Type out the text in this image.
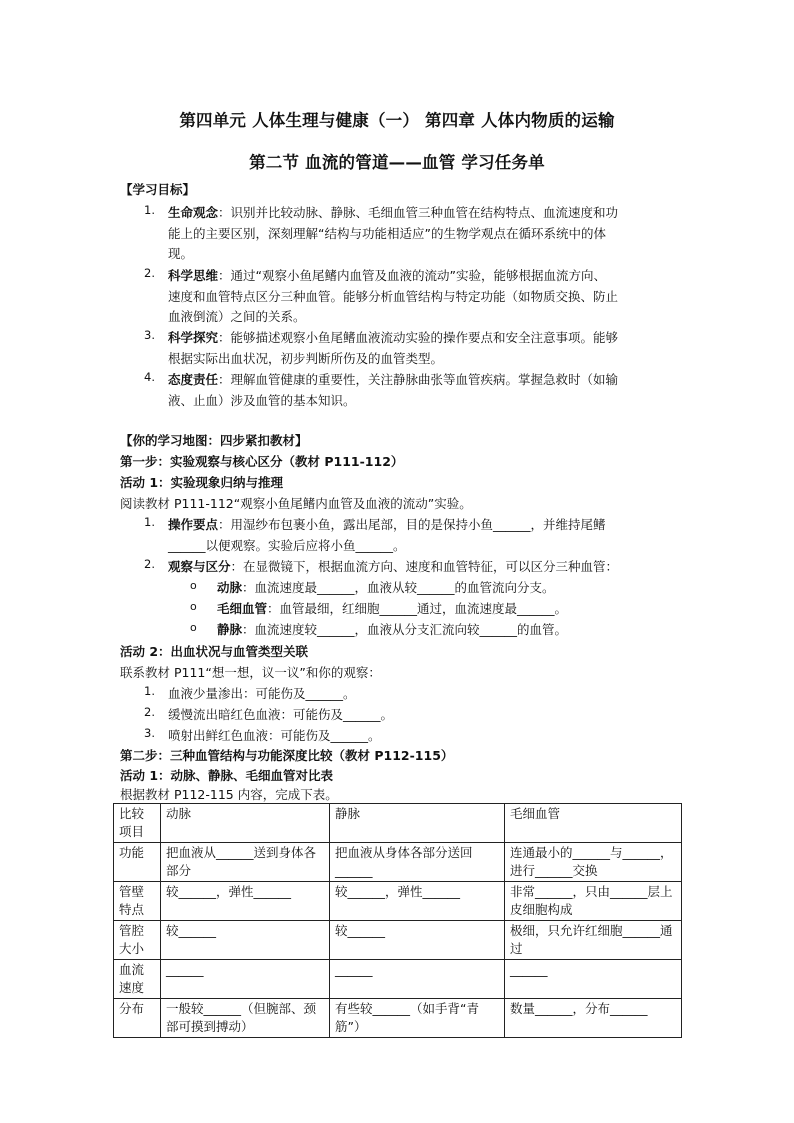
第四单元 人体生理与健康（一） 第四章 人体内物质的运输
第二节 血流的管道——血管 学习任务单
【学习目标】
1. 生命观念：识别并比较动脉、静脉、毛细血管三种血管在结构特点、血流速度和功
能上的主要区别，深刻理解“结构与功能相适应”的生物学观点在循环系统中的体
现。
2. 科学思维：通过“观察小鱼尾鳍内血管及血液的流动”实验，能够根据血流方向、
速度和血管特点区分三种血管。能够分析血管结构与特定功能（如物质交换、防止
血液倒流）之间的关系。
3. 科学探究：能够描述观察小鱼尾鳍血液流动实验的操作要点和安全注意事项。能够
根据实际出血状况，初步判断所伤及的血管类型。
4. 态度责任：理解血管健康的重要性，关注静脉曲张等血管疾病。掌握急救时（如输
液、止血）涉及血管的基本知识。
【你的学习地图：四步紧扣教材】
第一步：实验观察与核心区分（教材 P111-112）
活动 1：实验现象归纳与推理
阅读教材 P111-112“观察小鱼尾鳍内血管及血液的流动”实验。
1. 操作要点：用湿纱布包裹小鱼，露出尾部，目的是保持小鱼______，并维持尾鳍
______以便观察。实验后应将小鱼______。
2. 观察与区分：在显微镜下，根据血流方向、速度和血管特征，可以区分三种血管：
o 动脉：血流速度最______，血液从较______的血管流向分支。
o 毛细血管：血管最细，红细胞______通过，血流速度最______。
o 静脉：血流速度较______，血液从分支汇流向较______的血管。
活动 2：出血状况与血管类型关联
联系教材 P111“想一想，议一议”和你的观察：
1. 血液少量渗出：可能伤及______。
2. 缓慢流出暗红色血液：可能伤及______。
3. 喷射出鲜红色血液：可能伤及______。
第二步：三种血管结构与功能深度比较（教材 P112-115）
活动 1：动脉、静脉、毛细血管对比表
根据教材 P112-115 内容，完成下表。
比较项目	动脉	静脉	毛细血管
功能	把血液从______送到身体各部分	把血液从身体各部分送回______	连通最小的______与______，进行______交换
管壁特点	较______，弹性______	较______，弹性______	非常______，只由______层上皮细胞构成
管腔大小	较______	较______	极细，只允许红细胞______通过
血流速度	______	______	______
分布	一般较______（但腕部、颈部可摸到搏动）	有些较______（如手背“青筋”）	数量______，分布______
